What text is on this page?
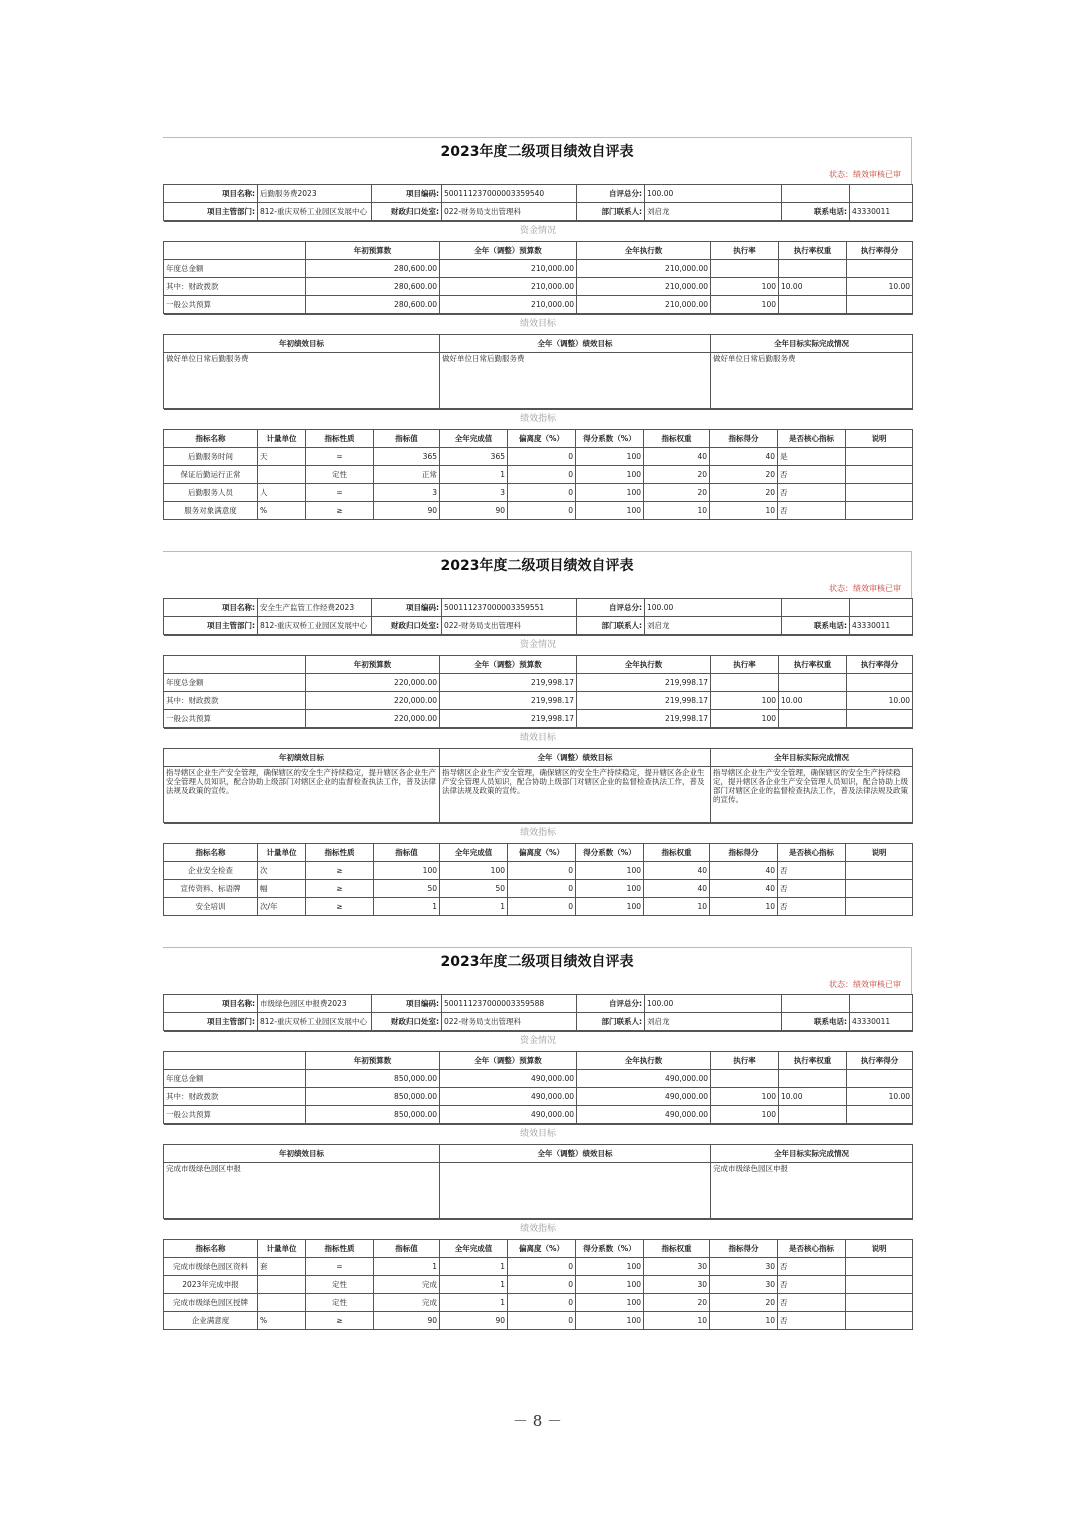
2023年度二级项目绩效自评表
状态：绩效审核已审
项目名称:	后勤服务费2023	项目编码:	500111237000003359540	自评总分:	100.00		
项目主管部门:	812-重庆双桥工业园区发展中心	财政归口处室:	022-财务局支出管理科	部门联系人:	刘启龙	联系电话:	43330011
资金情况						
	年初预算数	全年（调整）预算数	全年执行数	执行率	执行率权重	执行率得分
年度总金额	280,600.00	210,000.00	210,000.00			
其中：财政拨款	280,600.00	210,000.00	210,000.00	100	10.00	10.00
一般公共预算	280,600.00	210,000.00	210,000.00	100		
绩效目标		
年初绩效目标	全年（调整）绩效目标	全年目标实际完成情况
做好单位日常后勤服务费	做好单位日常后勤服务费	做好单位日常后勤服务费
绩效指标										
指标名称	计量单位	指标性质	指标值	全年完成值	偏离度（%）	得分系数（%）	指标权重	指标得分	是否核心指标	说明
后勤服务时间	天	=	365	365	0	100	40	40	是	
保证后勤运行正常		定性	正常	1	0	100	20	20	否	
后勤服务人员	人	=	3	3	0	100	20	20	否	
服务对象满意度	%	≥	90	90	0	100	10	10	否	
2023年度二级项目绩效自评表
状态：绩效审核已审
项目名称:	安全生产监管工作经费2023	项目编码:	500111237000003359551	自评总分:	100.00		
项目主管部门:	812-重庆双桥工业园区发展中心	财政归口处室:	022-财务局支出管理科	部门联系人:	刘启龙	联系电话:	43330011
资金情况						
	年初预算数	全年（调整）预算数	全年执行数	执行率	执行率权重	执行率得分
年度总金额	220,000.00	219,998.17	219,998.17			
其中：财政拨款	220,000.00	219,998.17	219,998.17	100	10.00	10.00
一般公共预算	220,000.00	219,998.17	219,998.17	100		
绩效目标		
年初绩效目标	全年（调整）绩效目标	全年目标实际完成情况
指导辖区企业生产安全管理，确保辖区的安全生产持续稳定，提升辖区各企业生产安全管理人员知识，配合协助上级部门对辖区企业的监督检查执法工作，普及法律法规及政策的宣传。	指导辖区企业生产安全管理，确保辖区的安全生产持续稳定，提升辖区各企业生产安全管理人员知识，配合协助上级部门对辖区企业的监督检查执法工作，普及法律法规及政策的宣传。	指导辖区企业生产安全管理，确保辖区的安全生产持续稳定，提升辖区各企业生产安全管理人员知识，配合协助上级部门对辖区企业的监督检查执法工作，普及法律法规及政策的宣传。
绩效指标										
指标名称	计量单位	指标性质	指标值	全年完成值	偏离度（%）	得分系数（%）	指标权重	指标得分	是否核心指标	说明
企业安全检查	次	≥	100	100	0	100	40	40	否	
宣传资料、标语牌	幅	≥	50	50	0	100	40	40	否	
安全培训	次/年	≥	1	1	0	100	10	10	否	
2023年度二级项目绩效自评表
状态：绩效审核已审
项目名称:	市级绿色园区申报费2023	项目编码:	500111237000003359588	自评总分:	100.00		
项目主管部门:	812-重庆双桥工业园区发展中心	财政归口处室:	022-财务局支出管理科	部门联系人:	刘启龙	联系电话:	43330011
资金情况						
	年初预算数	全年（调整）预算数	全年执行数	执行率	执行率权重	执行率得分
年度总金额	850,000.00	490,000.00	490,000.00			
其中：财政拨款	850,000.00	490,000.00	490,000.00	100	10.00	10.00
一般公共预算	850,000.00	490,000.00	490,000.00	100		
绩效目标		
年初绩效目标	全年（调整）绩效目标	全年目标实际完成情况
完成市级绿色园区申报		完成市级绿色园区申报
绩效指标										
指标名称	计量单位	指标性质	指标值	全年完成值	偏离度（%）	得分系数（%）	指标权重	指标得分	是否核心指标	说明
完成市级绿色园区资料	套	=	1	1	0	100	30	30	否	
2023年完成申报		定性	完成	1	0	100	30	30	否	
完成市级绿色园区授牌		定性	完成	1	0	100	20	20	否	
企业满意度	%	≥	90	90	0	100	10	10	否	
－ 8 －
